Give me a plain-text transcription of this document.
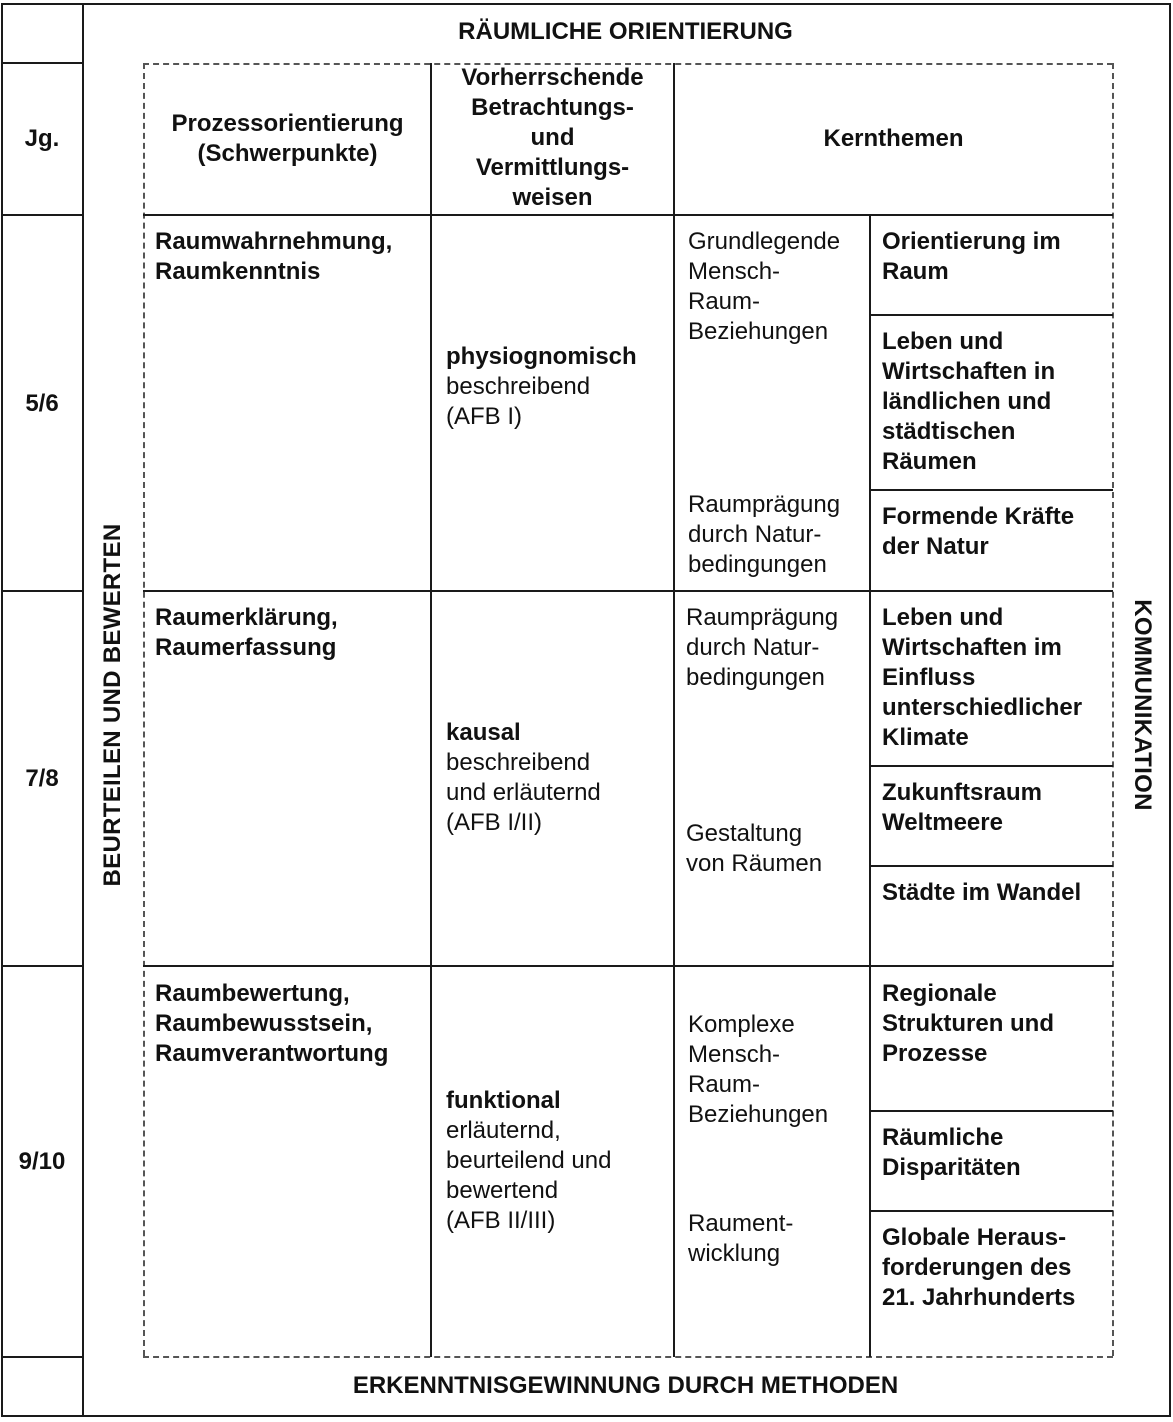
RÄUMLICHE ORIENTIERUNG
ERKENNTNISGEWINNUNG DURCH METHODEN
BEURTEILEN UND BEWERTEN	KOMMUNIKATION
Jg.
Prozessorientierung
(Schwerpunkte)
Vorherrschende
Betrachtungs-
und
Vermittlungs-
weisen
Kernthemen
5/6
Raumwahrnehmung,
Raumkenntnis
physiognomisch
beschreibend
(AFB I)
Grundlegende
Mensch-
Raum-
Beziehungen
Raumprägung
durch Natur-
bedingungen
Orientierung im
Raum
Leben und
Wirtschaften in
ländlichen und
städtischen
Räumen
Formende Kräfte
der Natur
7/8
Raumerklärung,
Raumerfassung
kausal
beschreibend
und erläuternd
(AFB I/II)
Raumprägung
durch Natur-
bedingungen
Gestaltung
von Räumen
Leben und
Wirtschaften im
Einfluss
unterschiedlicher
Klimate
Zukunftsraum
Weltmeere
Städte im Wandel
9/10
Raumbewertung,
Raumbewusstsein,
Raumverantwortung
funktional
erläuternd,
beurteilend und
bewertend
(AFB II/III)
Komplexe
Mensch-
Raum-
Beziehungen
Raument-
wicklung
Regionale
Strukturen und
Prozesse
Räumliche
Disparitäten
Globale Heraus-
forderungen des
21. Jahrhunderts
